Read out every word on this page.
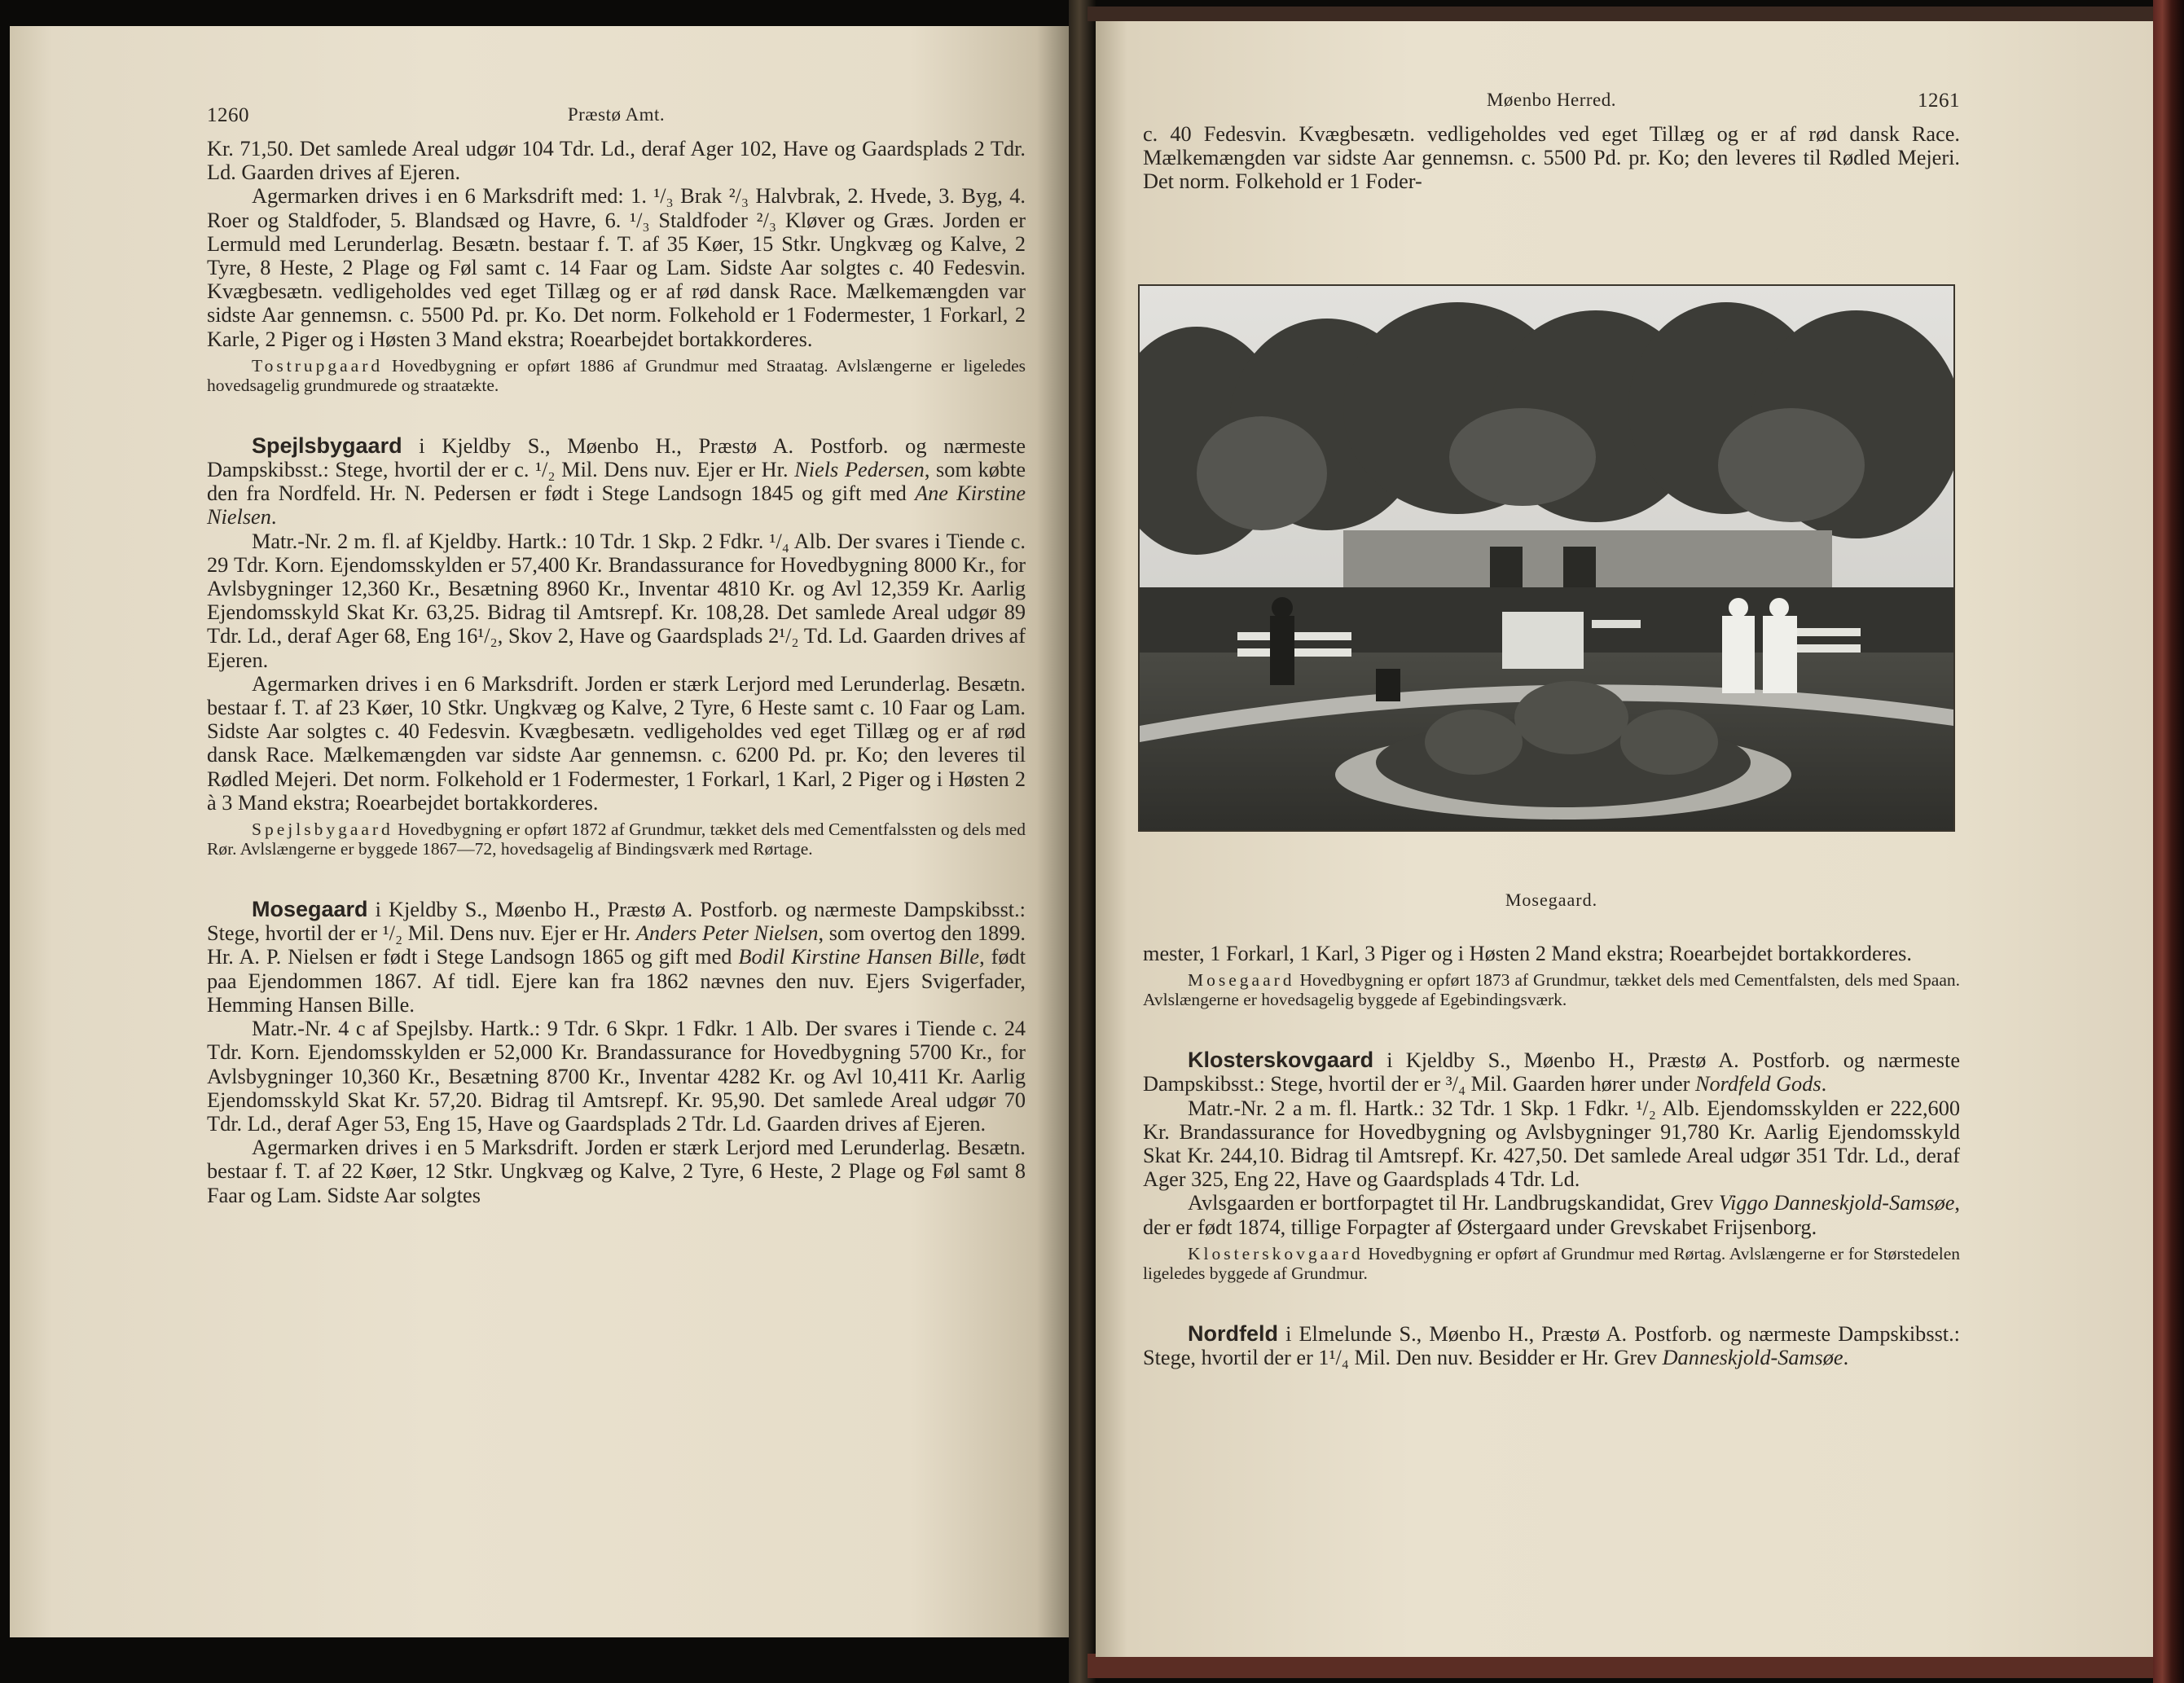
1260	Præstø Amt.

Kr. 71,50. Det samlede Areal udgør 104 Tdr. Ld., deraf Ager 102, Have og Gaardsplads 2 Tdr. Ld. Gaarden drives af Ejeren.

Agermarken drives i en 6 Marksdrift med: 1. ¹/₃ Brak ²/₃ Halvbrak, 2. Hvede, 3. Byg, 4. Roer og Staldfoder, 5. Blandsæd og Havre, 6. ¹/₃ Staldfoder ²/₃ Kløver og Græs. Jorden er Lermuld med Lerunderlag. Besætn. bestaar f. T. af 35 Køer, 15 Stkr. Ungkvæg og Kalve, 2 Tyre, 8 Heste, 2 Plage og Føl samt c. 14 Faar og Lam. Sidste Aar solgtes c. 40 Fedesvin. Kvægbesætn. vedligeholdes ved eget Tillæg og er af rød dansk Race. Mælkemængden var sidste Aar gennemsn. c. 5500 Pd. pr. Ko. Det norm. Folkehold er 1 Fodermester, 1 Forkarl, 2 Karle, 2 Piger og i Høsten 3 Mand ekstra; Roearbejdet bortakkorderes.

Tostrupgaard Hovedbygning er opført 1886 af Grundmur med Straatag. Avlslængerne er ligeledes hovedsagelig grundmurede og straatækte.

Spejlsbygaard i Kjeldby S., Møenbo H., Præstø A. Postforb. og nærmeste Dampskibsst.: Stege, hvortil der er c. ¹/₂ Mil. Dens nuv. Ejer er Hr. Niels Pedersen, som købte den fra Nordfeld. Hr. N. Pedersen er født i Stege Landsogn 1845 og gift med Ane Kirstine Nielsen.

Matr.-Nr. 2 m. fl. af Kjeldby. Hartk.: 10 Tdr. 1 Skp. 2 Fdkr. ¹/₄ Alb. Der svares i Tiende c. 29 Tdr. Korn. Ejendomsskylden er 57,400 Kr. Brandassurance for Hovedbygning 8000 Kr., for Avlsbygninger 12,360 Kr., Besætning 8960 Kr., Inventar 4810 Kr. og Avl 12,359 Kr. Aarlig Ejendomsskyld Skat Kr. 63,25. Bidrag til Amtsrepf. Kr. 108,28. Det samlede Areal udgør 89 Tdr. Ld., deraf Ager 68, Eng 16¹/₂, Skov 2, Have og Gaardsplads 2¹/₂ Td. Ld. Gaarden drives af Ejeren.

Agermarken drives i en 6 Marksdrift. Jorden er stærk Lerjord med Lerunderlag. Besætn. bestaar f. T. af 23 Køer, 10 Stkr. Ungkvæg og Kalve, 2 Tyre, 6 Heste samt c. 10 Faar og Lam. Sidste Aar solgtes c. 40 Fedesvin. Kvægbesætn. vedligeholdes ved eget Tillæg og er af rød dansk Race. Mælkemængden var sidste Aar gennemsn. c. 6200 Pd. pr. Ko; den leveres til Rødled Mejeri. Det norm. Folkehold er 1 Fodermester, 1 Forkarl, 1 Karl, 2 Piger og i Høsten 2 à 3 Mand ekstra; Roearbejdet bortakkorderes.

Spejlsbygaard Hovedbygning er opført 1872 af Grundmur, tækket dels med Cementfalssten og dels med Rør. Avlslængerne er byggede 1867—72, hovedsagelig af Bindingsværk med Rørtage.

Mosegaard i Kjeldby S., Møenbo H., Præstø A. Postforb. og nærmeste Dampskibsst.: Stege, hvortil der er ¹/₂ Mil. Dens nuv. Ejer er Hr. Anders Peter Nielsen, som overtog den 1899. Hr. A. P. Nielsen er født i Stege Landsogn 1865 og gift med Bodil Kirstine Hansen Bille, født paa Ejendommen 1867. Af tidl. Ejere kan fra 1862 nævnes den nuv. Ejers Svigerfader, Hemming Hansen Bille.

Matr.-Nr. 4 c af Spejlsby. Hartk.: 9 Tdr. 6 Skpr. 1 Fdkr. 1 Alb. Der svares i Tiende c. 24 Tdr. Korn. Ejendomsskylden er 52,000 Kr. Brandassurance for Hovedbygning 5700 Kr., for Avlsbygninger 10,360 Kr., Besætning 8700 Kr., Inventar 4282 Kr. og Avl 10,411 Kr. Aarlig Ejendomsskyld Skat Kr. 57,20. Bidrag til Amtsrepf. Kr. 95,90. Det samlede Areal udgør 70 Tdr. Ld., deraf Ager 53, Eng 15, Have og Gaardsplads 2 Tdr. Ld. Gaarden drives af Ejeren.

Agermarken drives i en 5 Marksdrift. Jorden er stærk Lerjord med Lerunderlag. Besætn. bestaar f. T. af 22 Køer, 12 Stkr. Ungkvæg og Kalve, 2 Tyre, 6 Heste, 2 Plage og Føl samt 8 Faar og Lam. Sidste Aar solgtes

Møenbo Herred.	1261

c. 40 Fedesvin. Kvægbesætn. vedligeholdes ved eget Tillæg og er af rød dansk Race. Mælkemængden var sidste Aar gennemsn. c. 5500 Pd. pr. Ko; den leveres til Rødled Mejeri. Det norm. Folkehold er 1 Foder-

Mosegaard.

mester, 1 Forkarl, 1 Karl, 3 Piger og i Høsten 2 Mand ekstra; Roearbejdet bortakkorderes.

Mosegaard Hovedbygning er opført 1873 af Grundmur, tækket dels med Cementfalsten, dels med Spaan. Avlslængerne er hovedsagelig byggede af Egebindingsværk.

Klosterskovgaard i Kjeldby S., Møenbo H., Præstø A. Postforb. og nærmeste Dampskibsst.: Stege, hvortil der er ³/₄ Mil. Gaarden hører under Nordfeld Gods.

Matr.-Nr. 2 a m. fl. Hartk.: 32 Tdr. 1 Skp. 1 Fdkr. ¹/₂ Alb. Ejendomsskylden er 222,600 Kr. Brandassurance for Hovedbygning og Avlsbygninger 91,780 Kr. Aarlig Ejendomsskyld Skat Kr. 244,10. Bidrag til Amtsrepf. Kr. 427,50. Det samlede Areal udgør 351 Tdr. Ld., deraf Ager 325, Eng 22, Have og Gaardsplads 4 Tdr. Ld.

Avlsgaarden er bortforpagtet til Hr. Landbrugskandidat, Grev Viggo Danneskjold-Samsøe, der er født 1874, tillige Forpagter af Østergaard under Grevskabet Frijsenborg.

Klosterskovgaard Hovedbygning er opført af Grundmur med Rørtag. Avlslængerne er for Størstedelen ligeledes byggede af Grundmur.

Nordfeld i Elmelunde S., Møenbo H., Præstø A. Postforb. og nærmeste Dampskibsst.: Stege, hvortil der er 1¹/₄ Mil. Den nuv. Besidder er Hr. Grev Danneskjold-Samsøe.
